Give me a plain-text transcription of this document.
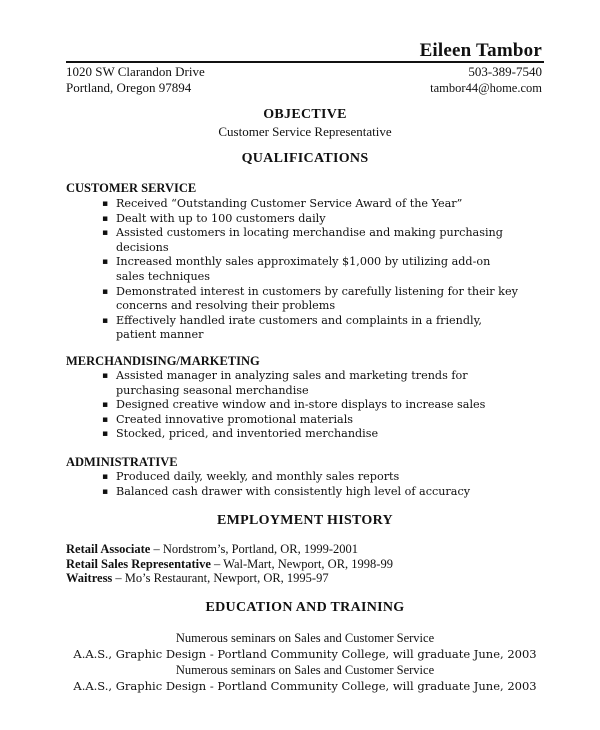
Eileen Tambor
1020 SW Clarandon Drive
Portland, Oregon 97894
503-389-7540
tambor44@home.com
OBJECTIVE
Customer Service Representative
QUALIFICATIONS
CUSTOMER SERVICE
▪ Received “Outstanding Customer Service Award of the Year”
▪ Dealt with up to 100 customers daily
▪ Assisted customers in locating merchandise and making purchasing decisions
▪ Increased monthly sales approximately $1,000 by utilizing add-on sales techniques
▪ Demonstrated interest in customers by carefully listening for their key concerns and resolving their problems
▪ Effectively handled irate customers and complaints in a friendly, patient manner
MERCHANDISING/MARKETING
▪ Assisted manager in analyzing sales and marketing trends for purchasing seasonal merchandise
▪ Designed creative window and in-store displays to increase sales
▪ Created innovative promotional materials
▪ Stocked, priced, and inventoried merchandise
ADMINISTRATIVE
▪ Produced daily, weekly, and monthly sales reports
▪ Balanced cash drawer with consistently high level of accuracy
EMPLOYMENT HISTORY
Retail Associate – Nordstrom’s, Portland, OR, 1999-2001
Retail Sales Representative – Wal-Mart, Newport, OR, 1998-99
Waitress – Mo’s Restaurant, Newport, OR, 1995-97
EDUCATION AND TRAINING
Numerous seminars on Sales and Customer Service
A.A.S., Graphic Design - Portland Community College, will graduate June, 2003
Numerous seminars on Sales and Customer Service
A.A.S., Graphic Design - Portland Community College, will graduate June, 2003
